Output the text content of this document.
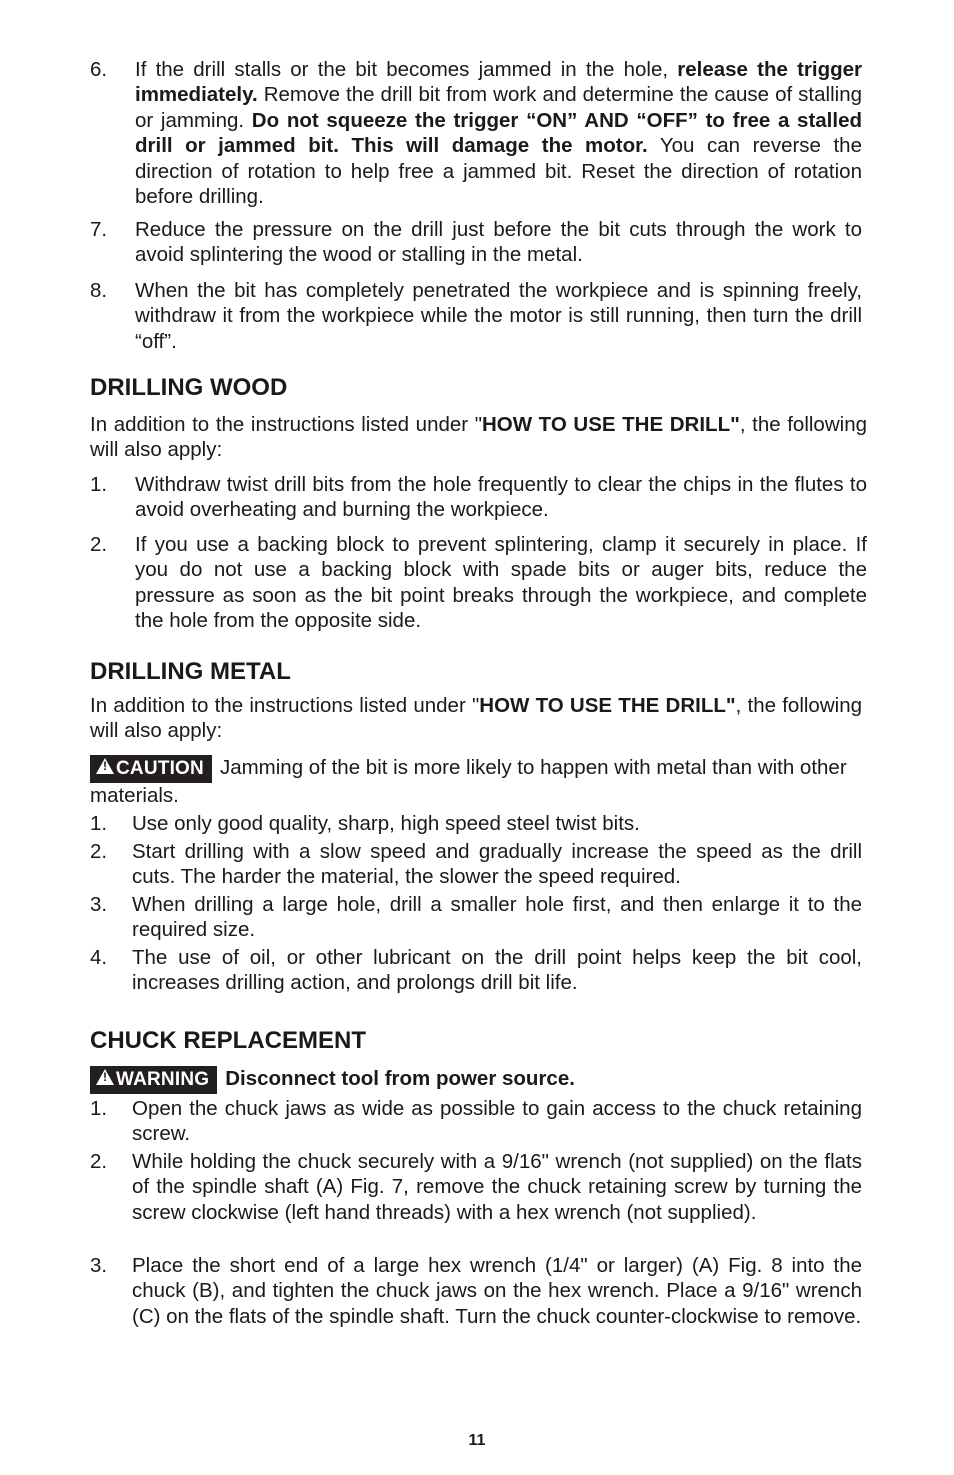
6. If the drill stalls or the bit becomes jammed in the hole, release the trigger immediately. Remove the drill bit from work and determine the cause of stalling or jamming. Do not squeeze the trigger “ON” AND “OFF” to free a stalled drill or jammed bit. This will damage the motor. You can reverse the direction of rotation to help free a jammed bit. Reset the direction of rotation before drilling.
7. Reduce the pressure on the drill just before the bit cuts through the work to avoid splintering the wood or stalling in the metal.
8. When the bit has completely penetrated the workpiece and is spinning freely, withdraw it from the workpiece while the motor is still running, then turn the drill “off”.
DRILLING WOOD
In addition to the instructions listed under "HOW TO USE THE DRILL", the following will also apply:
1. Withdraw twist drill bits from the hole frequently to clear the chips in the flutes to avoid overheating and burning the workpiece.
2. If you use a backing block to prevent splintering, clamp it securely in place. If you do not use a backing block with spade bits or auger bits, reduce the pressure as soon as the bit point breaks through the workpiece, and complete the hole from the opposite side.
DRILLING METAL
In addition to the instructions listed under "HOW TO USE THE DRILL", the following will also apply:
!CAUTION Jamming of the bit is more likely to happen with metal than with other materials.
1. Use only good quality, sharp, high speed steel twist bits.
2. Start drilling with a slow speed and gradually increase the speed as the drill cuts. The harder the material, the slower the speed required.
3. When drilling a large hole, drill a smaller hole first, and then enlarge it to the required size.
4. The use of oil, or other lubricant on the drill point helps keep the bit cool, increases drilling action, and prolongs drill bit life.
CHUCK REPLACEMENT
!WARNING Disconnect tool from power source.
1. Open the chuck jaws as wide as possible to gain access to the chuck retaining screw.
2. While holding the chuck securely with a 9/16" wrench (not supplied) on the flats of the spindle shaft (A) Fig. 7, remove the chuck retaining screw by turning the screw clockwise (left hand threads) with a hex wrench (not supplied).
3. Place the short end of a large hex wrench (1/4" or larger) (A) Fig. 8 into the chuck (B), and tighten the chuck jaws on the hex wrench. Place a 9/16" wrench (C) on the flats of the spindle shaft. Turn the chuck counter-clockwise to remove.
11
